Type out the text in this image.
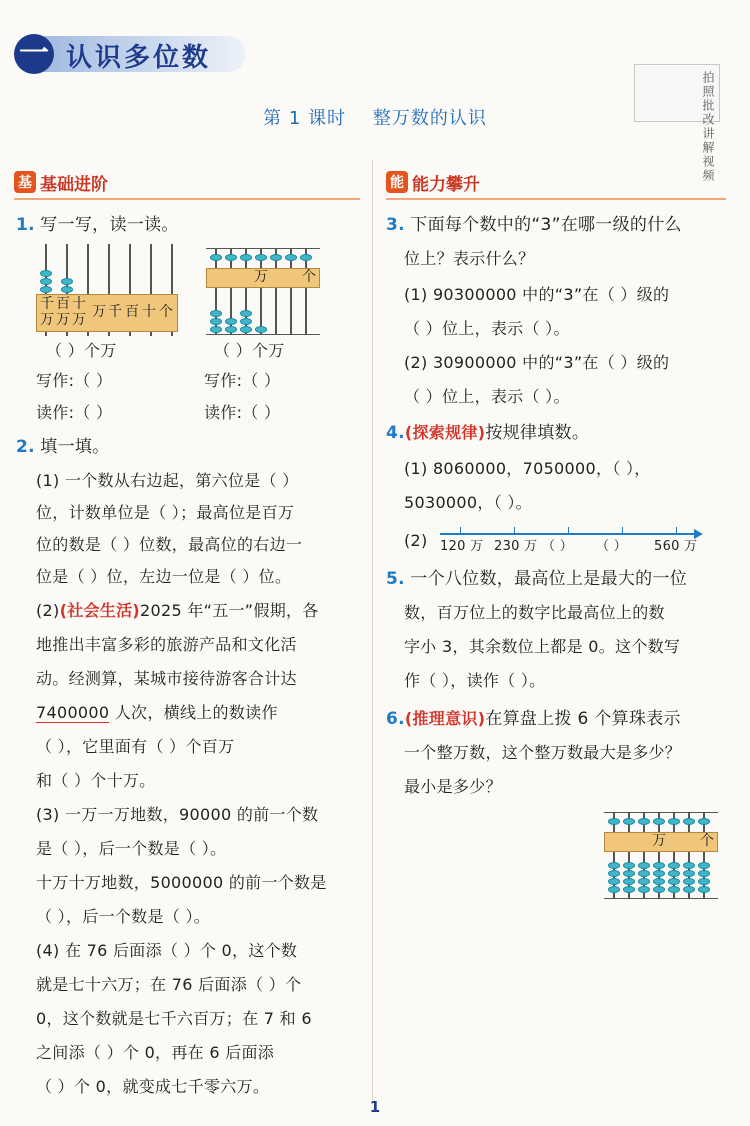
一 认识多位数
拍
照
批
改
讲
解
视
频
第 1 课时    整万数的认识
基 基础进阶	能 能力攀升
1. 写一写，读一读。
千 百 十
万 万 万 万 千 百 十 个
万 个
（ ）个万	（ ）个万
写作:（ ）	写作:（ ）
读作:（ ）	读作:（ ）
2. 填一填。
(1) 一个数从右边起，第六位是（ ）
位，计数单位是（ ）；最高位是百万
位的数是（ ）位数，最高位的右边一
位是（ ）位，左边一位是（ ）位。
(2)(社会生活)2025 年“五一”假期，各
地推出丰富多彩的旅游产品和文化活
动。经测算，某城市接待游客合计达
7400000 人次，横线上的数读作
（ ），它里面有（ ）个百万
和（ ）个十万。
(3) 一万一万地数，90000 的前一个数
是（ ），后一个数是（ ）。
十万十万地数，5000000 的前一个数是
（ ），后一个数是（ ）。
(4) 在 76 后面添（ ）个 0，这个数
就是七十六万；在 76 后面添（ ）个
0，这个数就是七千六百万；在 7 和 6
之间添（ ）个 0，再在 6 后面添
（ ）个 0，就变成七千零六万。
3. 下面每个数中的“3”在哪一级的什么
位上？表示什么？
(1) 90300000 中的“3”在（ ）级的
（ ）位上，表示（ ）。
(2) 30900000 中的“3”在（ ）级的
（ ）位上，表示（ ）。
4.(探索规律)按规律填数。
(1) 8060000，7050000，（ ），
5030000，（ ）。
(2) 120 万 230 万 （ ） （ ） 560 万
5. 一个八位数，最高位上是最大的一位
数，百万位上的数字比最高位上的数
字小 3，其余数位上都是 0。这个数写
作（ ），读作（ ）。
6.(推理意识)在算盘上拨 6 个算珠表示
一个整万数，这个整万数最大是多少？
最小是多少？
万 个
1
